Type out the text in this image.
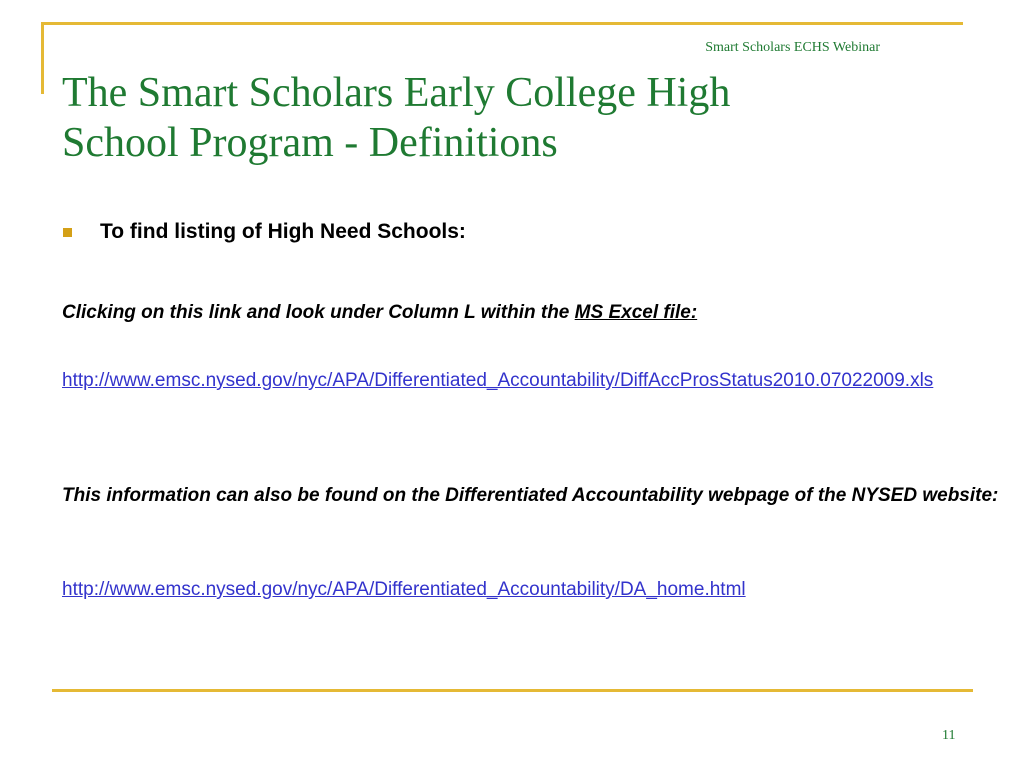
Smart Scholars ECHS Webinar
The Smart Scholars Early College High
School Program - Definitions
To find listing of High Need Schools:

Clicking on this link and look under Column L within the MS Excel file:

http://www.emsc.nysed.gov/nyc/APA/Differentiated_Accountability/DiffAccProsStatus2010.07022009.xls

This information can also be found on the Differentiated Accountability webpage of the NYSED website:

http://www.emsc.nysed.gov/nyc/APA/Differentiated_Accountability/DA_home.html

11
